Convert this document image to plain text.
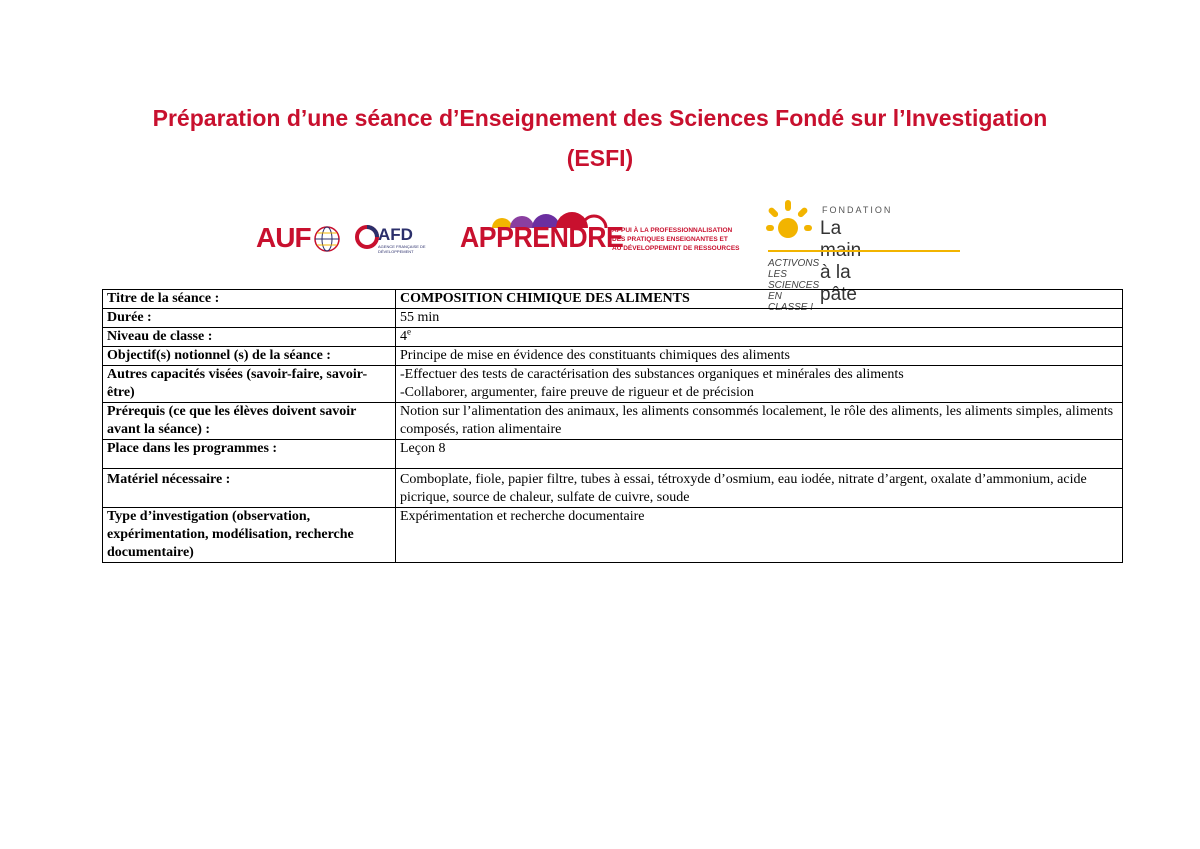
Préparation d’une séance d’Enseignement des Sciences Fondé sur l’Investigation
(ESFI)
AUF	AFD
AGENCE FRANÇAISE DE DÉVELOPPEMENT	APPRENDRE
APPUI À LA PROFESSIONNALISATION
DES PRATIQUES ENSEIGNANTES ET
AU DÉVELOPPEMENT DE RESSOURCES
FONDATION
La main à la pâte
ACTIVONS LES SCIENCES EN CLASSE !
Titre de la séance :	COMPOSITION CHIMIQUE DES ALIMENTS
Durée :	55 min
Niveau de classe :	4e
Objectif(s) notionnel (s) de la séance :	Principe de mise en évidence des constituants chimiques des aliments
Autres capacités visées (savoir-faire, savoir-être)	-Effectuer des tests de caractérisation des substances organiques et minérales des aliments
-Collaborer, argumenter, faire preuve de rigueur et de précision

Prérequis (ce que les élèves doivent savoir avant la séance) :	Notion sur l’alimentation des animaux, les aliments consommés localement, le rôle des aliments, les aliments simples, aliments composés, ration alimentaire
Place dans les programmes :	Leçon 8
Matériel nécessaire :	Comboplate, fiole, papier filtre, tubes à essai, tétroxyde d’osmium, eau iodée, nitrate d’argent, oxalate d’ammonium, acide picrique, source de chaleur, sulfate de cuivre, soude
Type d’investigation (observation, expérimentation, modélisation, recherche documentaire)	Expérimentation et recherche documentaire
